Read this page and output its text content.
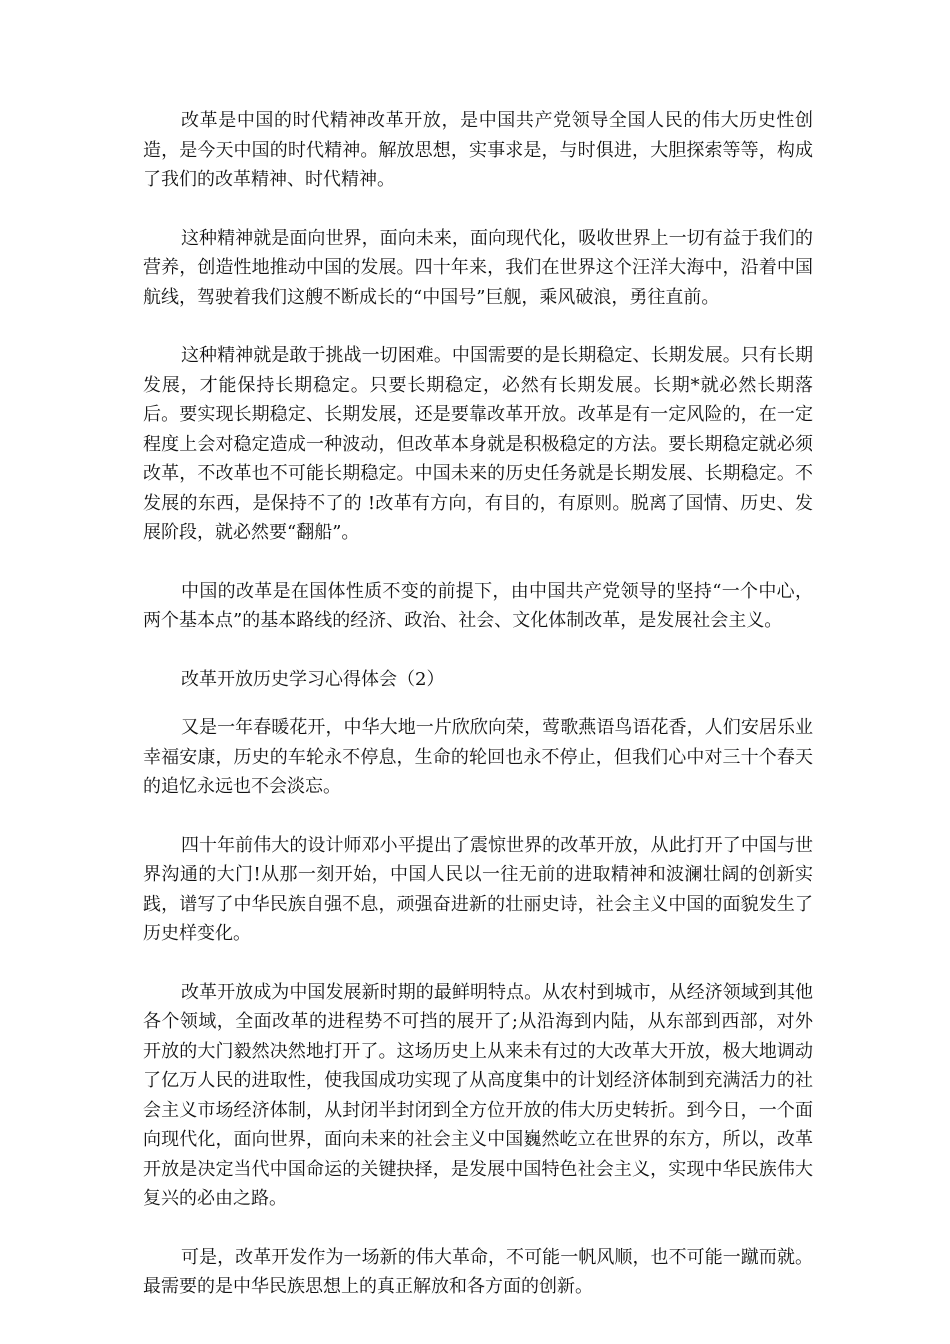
改革是中国的时代精神改革开放，是中国共产党领导全国人民的伟大历史性创造，是今天中国的时代精神。解放思想，实事求是，与时俱进，大胆探索等等，构成了我们的改革精神、时代精神。

这种精神就是面向世界，面向未来，面向现代化，吸收世界上一切有益于我们的营养，创造性地推动中国的发展。四十年来，我们在世界这个汪洋大海中，沿着中国航线，驾驶着我们这艘不断成长的“中国号”巨舰，乘风破浪，勇往直前。

这种精神就是敢于挑战一切困难。中国需要的是长期稳定、长期发展。只有长期发展，才能保持长期稳定。只要长期稳定，必然有长期发展。长期*就必然长期落后。要实现长期稳定、长期发展，还是要靠改革开放。改革是有一定风险的，在一定程度上会对稳定造成一种波动，但改革本身就是积极稳定的方法。要长期稳定就必须改革，不改革也不可能长期稳定。中国未来的历史任务就是长期发展、长期稳定。不发展的东西，是保持不了的 !改革有方向，有目的，有原则。脱离了国情、历史、发展阶段，就必然要“翻船”。

中国的改革是在国体性质不变的前提下，由中国共产党领导的坚持“一个中心，两个基本点”的基本路线的经济、政治、社会、文化体制改革，是发展社会主义。

改革开放历史学习心得体会（2）

又是一年春暖花开，中华大地一片欣欣向荣，莺歌燕语鸟语花香，人们安居乐业幸福安康，历史的车轮永不停息，生命的轮回也永不停止，但我们心中对三十个春天的追忆永远也不会淡忘。

四十年前伟大的设计师邓小平提出了震惊世界的改革开放，从此打开了中国与世界沟通的大门!从那一刻开始，中国人民以一往无前的进取精神和波澜壮阔的创新实践，谱写了中华民族自强不息，顽强奋进新的壮丽史诗，社会主义中国的面貌发生了历史样变化。

改革开放成为中国发展新时期的最鲜明特点。从农村到城市，从经济领域到其他各个领域，全面改革的进程势不可挡的展开了;从沿海到内陆，从东部到西部，对外开放的大门毅然决然地打开了。这场历史上从来未有过的大改革大开放，极大地调动了亿万人民的进取性，使我国成功实现了从高度集中的计划经济体制到充满活力的社会主义市场经济体制，从封闭半封闭到全方位开放的伟大历史转折。到今日，一个面向现代化，面向世界，面向未来的社会主义中国巍然屹立在世界的东方，所以，改革开放是决定当代中国命运的关键抉择，是发展中国特色社会主义，实现中华民族伟大复兴的必由之路。

可是，改革开发作为一场新的伟大革命，不可能一帆风顺，也不可能一蹴而就。最需要的是中华民族思想上的真正解放和各方面的创新。
